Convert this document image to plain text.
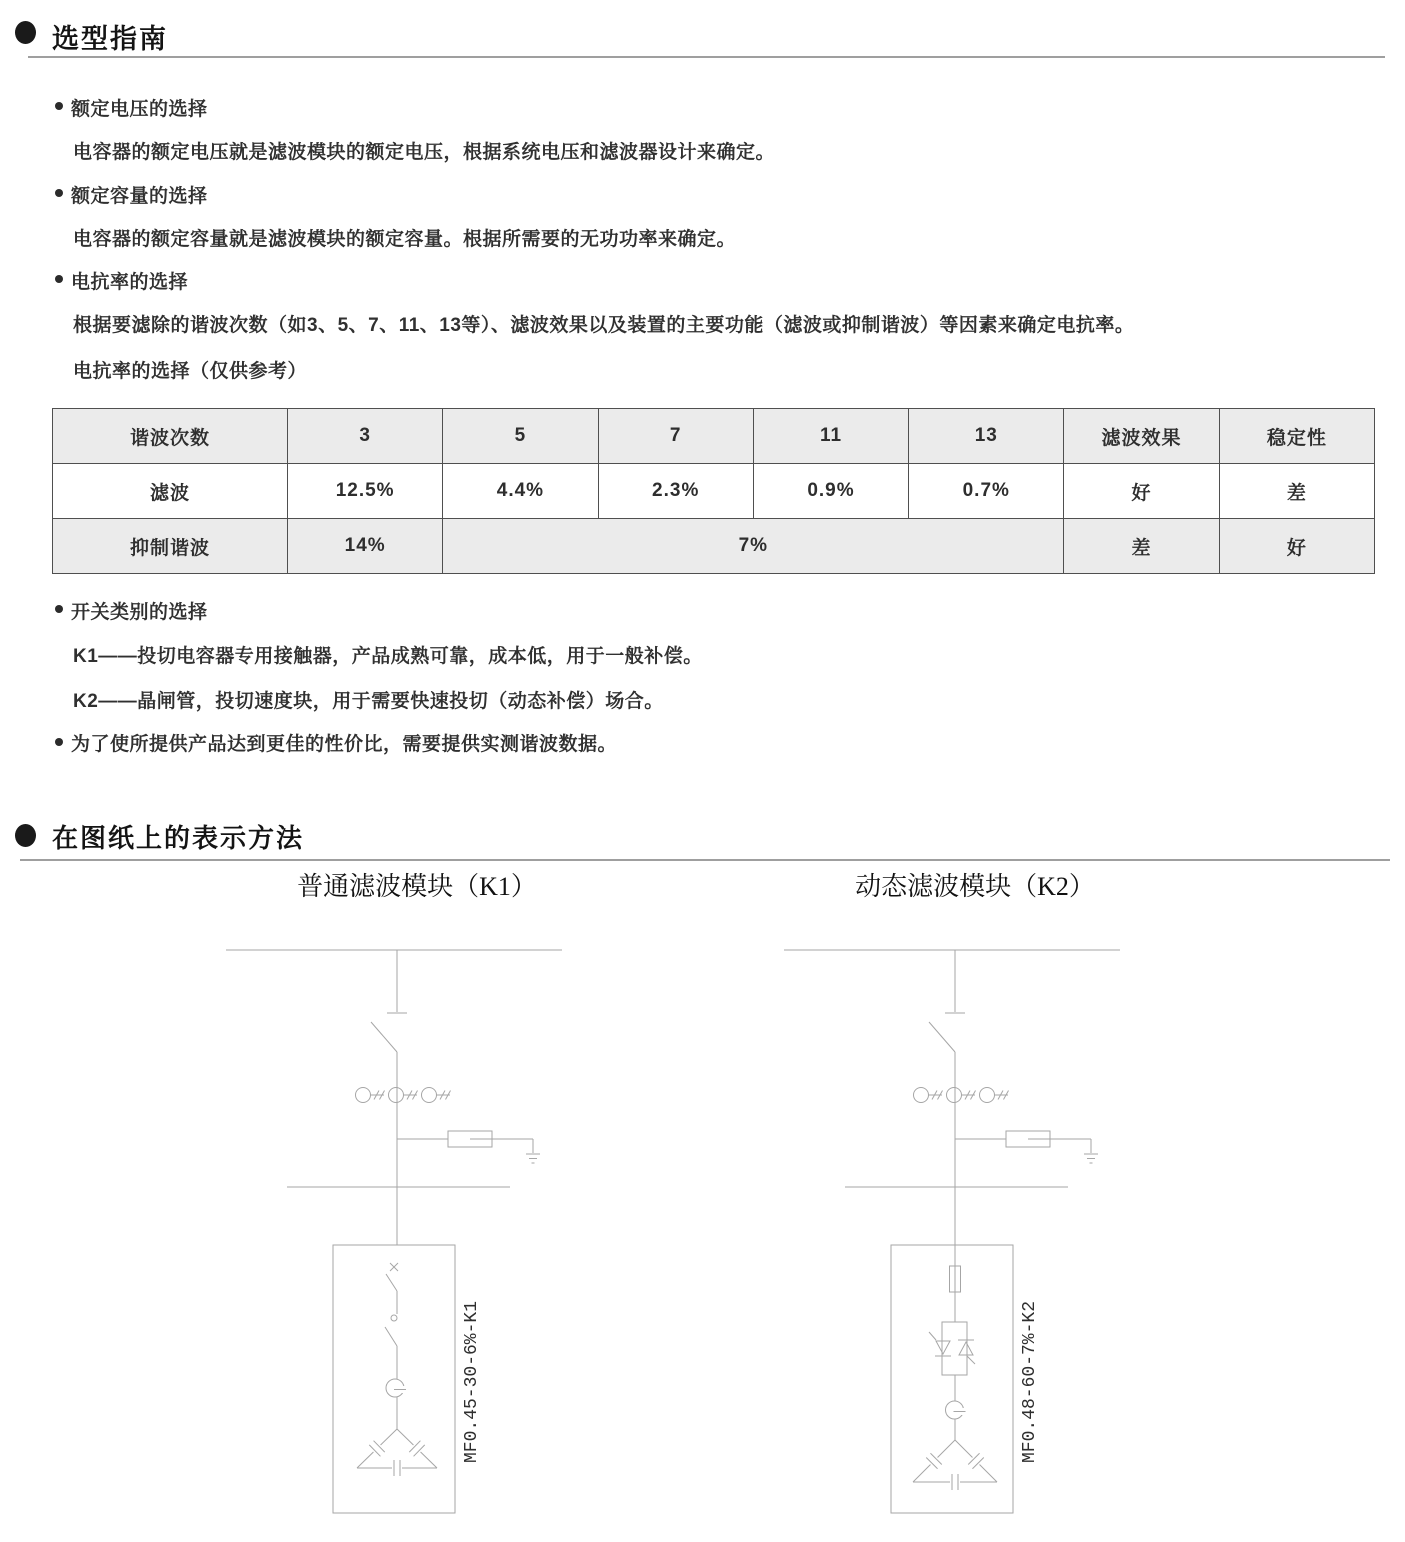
选型指南
额定电压的选择
电容器的额定电压就是滤波模块的额定电压，根据系统电压和滤波器设计来确定。
额定容量的选择
电容器的额定容量就是滤波模块的额定容量。根据所需要的无功功率来确定。
电抗率的选择
根据要滤除的谐波次数（如3、5、7、11、13等）、滤波效果以及装置的主要功能（滤波或抑制谐波）等因素来确定电抗率。
电抗率的选择（仅供参考）
谐波次数	3	5	7	11	13	滤波效果	稳定性
滤波	12.5%	4.4%	2.3%	0.9%	0.7%	好	差
抑制谐波	14%	7%				差	好
开关类别的选择
K1——投切电容器专用接触器，产品成熟可靠，成本低，用于一般补偿。
K2——晶闸管，投切速度块，用于需要快速投切（动态补偿）场合。
为了使所提供产品达到更佳的性价比，需要提供实测谐波数据。
在图纸上的表示方法
普通滤波模块（K1）	动态滤波模块（K2）
MF0.45-30-6%-K1	MF0.48-60-7%-K2
